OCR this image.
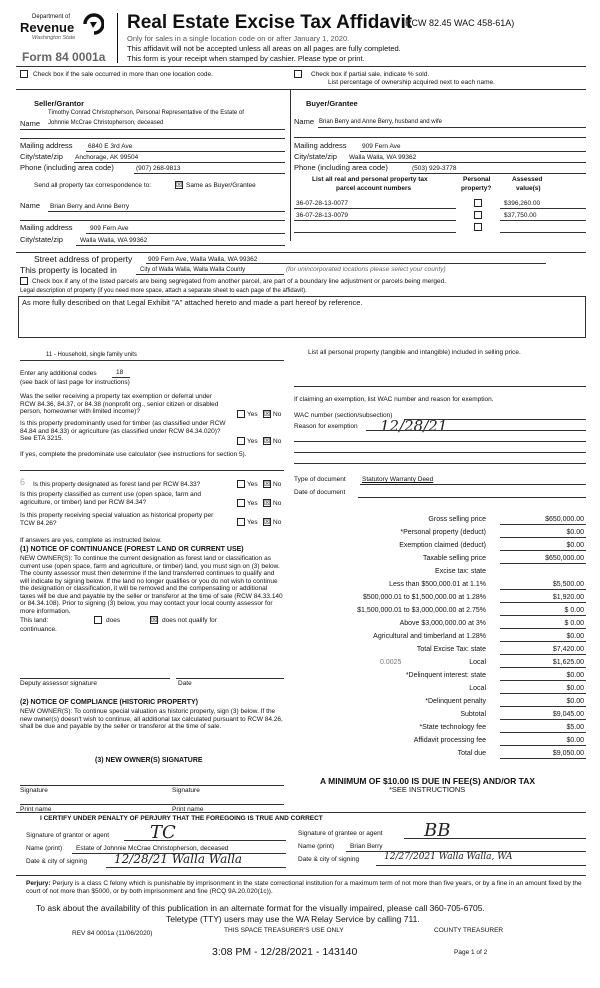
Department of
Revenue
Washington State
Form 84 0001a
Real Estate Excise Tax Affidavit
(RCW 82.45 WAC 458-61A)
Only for sales in a single location code on or after January 1, 2020.
This affidavit will not be accepted unless all areas on all pages are fully completed.
This form is your receipt when stamped by cashier. Please type or print.
Check box if the sale occurred in more than one location code.	Check box if partial sale, indicate % sold.
List percentage of ownership acquired next to each name.
Seller/Grantor
Timothy Conrad Christopherson, Personal Representative of the Estate of
Name Johnnie McCrae Christopherson, deceased
Mailing address 6840 E 3rd Ave
City/state/zip Anchorage, AK 99504
Phone (including area code)	(907) 268-9813
Buyer/Grantee
Name Brian Berry and Anne Berry, husband and wife
Mailing address 909 Fern Ave
City/state/zip Walla Walla, WA 99362
Phone (including area code)	(503) 929-3778
Send all property tax correspondence to:	☒ Same as Buyer/Grantee
Name Brian Berry and Anne Berry
Mailing address	909 Fern Ave
City/state/zip	Walla Walla, WA 99362
List all real and personal property tax
parcel account numbers
Personal
property?
Assessed
value(s)
36-07-28-13-0077	$396,260.00
36-07-28-13-0079	$37,750.00
Street address of property 909 Fern Ave, Walla Walla, WA 99362
This property is located in	City of Walla Walla, Walla Walla County	(for unincorporated locations please select your county)
Check box if any of the listed parcels are being segregated from another parcel, are part of a boundary line adjustment or parcels being merged.
Legal description of property (if you need more space, attach a separate sheet to each page of the affidavit).
As more fully described on that Legal Exhibit "A" attached hereto and made a part hereof by reference.
11 - Household, single family units
Enter any additional codes	18
(see back of last page for instructions)
Was the seller receiving a property tax exemption or deferral under RCW 84.36, 84.37, or 84.38 (nonprofit org., senior citizen or disabled person, homeowner with limited income)?	Yes ☒ No
Is this property predominantly used for timber (as classified under RCW 84.84 and 84.33) or agriculture (as classified under RCW 84.34.020)? See ETA 3215.	Yes ☒ No
If yes, complete the predominate use calculator (see instructions for section 5).
6 Is this property designated as forest land per RCW 84.33?	Yes ☒ No
Is this property classified as current use (open space, farm and agriculture, or timber) land per RCW 84.34?	Yes ☒ No
Is this property receiving special valuation as historical property per TCW 84.26?	Yes ☒ No
If answers are yes, complete as instructed below.
(1) NOTICE OF CONTINUANCE (FOREST LAND OR CURRENT USE)
NEW OWNER(S): To continue the current designation as forest land or classification as current use (open space, farm and agriculture, or timber) land, you must sign on (3) below. The county assessor must then determine if the land transferred continues to qualify and will indicate by signing below. If the land no longer qualifies or you do not wish to continue the designation or classification, it will be removed and the compensating or additional taxes will be due and payable by the seller or transferor at the time of sale (RCW 84.33.140 or 84.34.108). Prior to signing (3) below, you may contact your local county assessor for more information.
This land:
continuance.
does	☒ does not qualify for
Deputy assessor signature	Date
(2) NOTICE OF COMPLIANCE (HISTORIC PROPERTY)
NEW OWNER(S): To continue special valuation as historic property, sign (3) below. If the new owner(s) doesn't wish to continue, all additional tax calculated pursuant to RCW 84.26, shall be due and payable by the seller or transferor at the time of sale.
(3) NEW OWNER(S) SIGNATURE
Signature	Signature
Print name	Print name
List all personal property (tangible and intangible) included in selling price.
If claiming an exemption, list WAC number and reason for exemption.
WAC number (section/subsection)
Reason for exemption 12/28/21
Type of document	Statutory Warranty Deed
Date of document
Gross selling price	$650,000.00
*Personal property (deduct)	$0.00
Exemption claimed (deduct)	$0.00
Taxable selling price	$650,000.00
Excise tax: state
Less than $500,000.01 at 1.1%	$5,500.00
$500,000.01 to $1,500,000.00 at 1.28%	$1,920.00
$1,500,000.01 to $3,000,000.00 at 2.75%	$ 0.00
Above $3,000,000.00 at 3%	$ 0.00
Agricultural and timberland at 1.28%	$0.00
Total Excise Tax: state	$7,420.00
0.0025	Local	$1,625.00
*Delinquent interest: state	$0.00
Local	$0.00
*Delinquent penalty	$0.00
Subtotal	$9,045.00
*State technology fee	$5.00
Affidavit processing fee	$0.00
Total due	$9,050.00
A MINIMUM OF $10.00 IS DUE IN FEE(S) AND/OR TAX
*SEE INSTRUCTIONS
I CERTIFY UNDER PENALTY OF PERJURY THAT THE FOREGOING IS TRUE AND CORRECT
Signature of grantor or agent TC	Signature of grantee or agent BB
Name (print) Estate of Johnnie McCrae Christopherson, deceased	Name (print) Brian Berry
Date & city of signing 12/28/21 Walla Walla	Date & city of signing	12/27/2021 Walla Walla, WA
Perjury: Perjury is a class C felony which is punishable by imprisonment in the state correctional institution for a maximum term of not more than five years, or by a fine in an amount fixed by the court of not more than $5000, or by both imprisonment and fine (RCQ 9A.20.020(1c)).
To ask about the availability of this publication in an alternate format for the visually impaired, please call 360-705-6705.
Teletype (TTY) users may use the WA Relay Service by calling 711.
REV 84 0001a (11/06/2020)	THIS SPACE TREASURER'S USE ONLY	COUNTY TREASURER
3:08 PM - 12/28/2021 - 143140	Page 1 of 2
